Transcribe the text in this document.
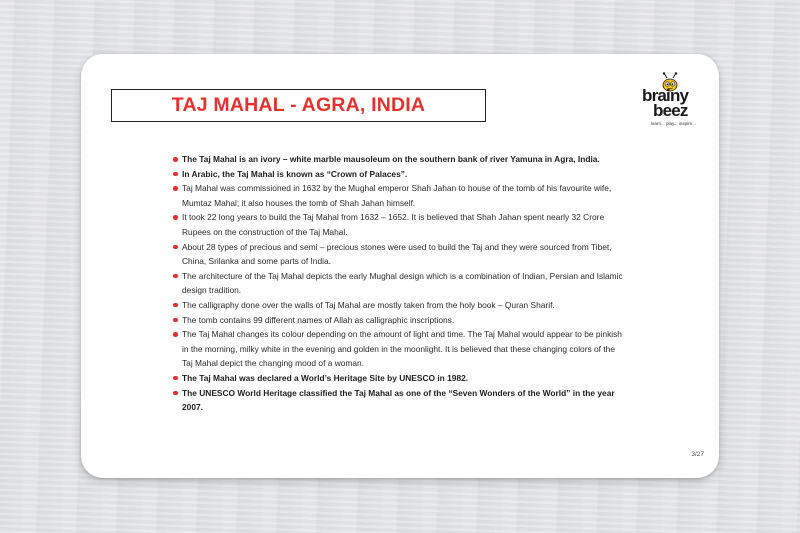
TAJ MAHAL - AGRA, INDIA	brainy
beez
learn... play... inspire...
The Taj Mahal is an ivory – white marble mausoleum on the southern bank of river Yamuna in Agra, India.
In Arabic, the Taj Mahal is known as “Crown of Palaces”.
Taj Mahal was commissioned in 1632 by the Mughal emperor Shah Jahan to house of the tomb of his favourite wife, Mumtaz Mahal; it also houses the tomb of Shah Jahan himself.
It took 22 long years to build the Taj Mahal from 1632 – 1652. It is believed that Shah Jahan spent nearly 32 Crore Rupees on the construction of the Taj Mahal.
About 28 types of precious and semi – precious stones were used to build the Taj and they were sourced from Tibet, China, Srilanka and some parts of India.
The architecture of the Taj Mahal depicts the early Mughal design which is a combination of Indian, Persian and Islamic design tradition.
The calligraphy done over the walls of Taj Mahal are mostly taken from the holy book – Quran Sharif.
The tomb contains 99 different names of Allah as calligraphic inscriptions.
The Taj Mahal changes its colour depending on the amount of light and time. The Taj Mahal would appear to be pinkish in the morning, milky white in the evening and golden in the moonlight. It is believed that these changing colors of the Taj Mahal depict the changing mood of a woman.
The Taj Mahal was declared a World’s Heritage Site by UNESCO in 1982.
The UNESCO World Heritage classified the Taj Mahal as one of the “Seven Wonders of the World” in the year 2007.
3/27
